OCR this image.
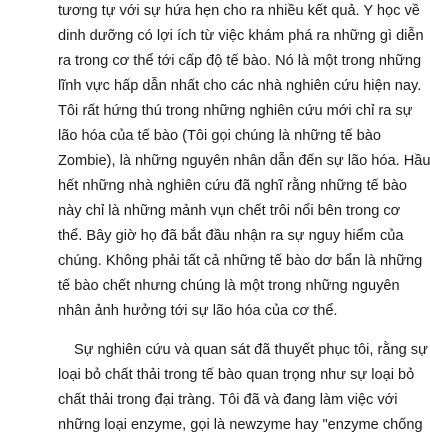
tương tự với sự hứa hẹn cho ra nhiều kết quả. Y học về
dinh dưỡng có lợi ích từ việc khám phá ra những gì diễn
ra trong cơ thể tới cấp độ tế bào. Nó là một trong những
lĩnh vực hấp dẫn nhất cho các nhà nghiên cứu hiện nay.
Tôi rất hứng thú trong những nghiên cứu mới chỉ ra sự
lão hóa của tế bào (Tôi gọi chúng là những tế bào
Zombie), là những nguyên nhân dẫn đến sự lão hóa. Hầu
hết những nhà nghiên cứu đã nghĩ rằng những tế bào
này chỉ là những mảnh vụn chết trôi nổi bên trong cơ
thể. Bây giờ họ đã bắt đầu nhận ra sự nguy hiểm của
chúng. Không phải tất cả những tế bào dơ bẩn là những
tế bào chết nhưng chúng là một trong những nguyên
nhân ảnh hưởng tới sự lão hóa của cơ thể.
Sự nghiên cứu và quan sát đã thuyết phục tôi, rằng sự
loại bỏ chất thải trong tế bào quan trọng như sự loại bỏ
chất thải trong đại tràng. Tôi đã và đang làm việc với
những loại enzyme, gọi là newzyme hay "enzyme chống
